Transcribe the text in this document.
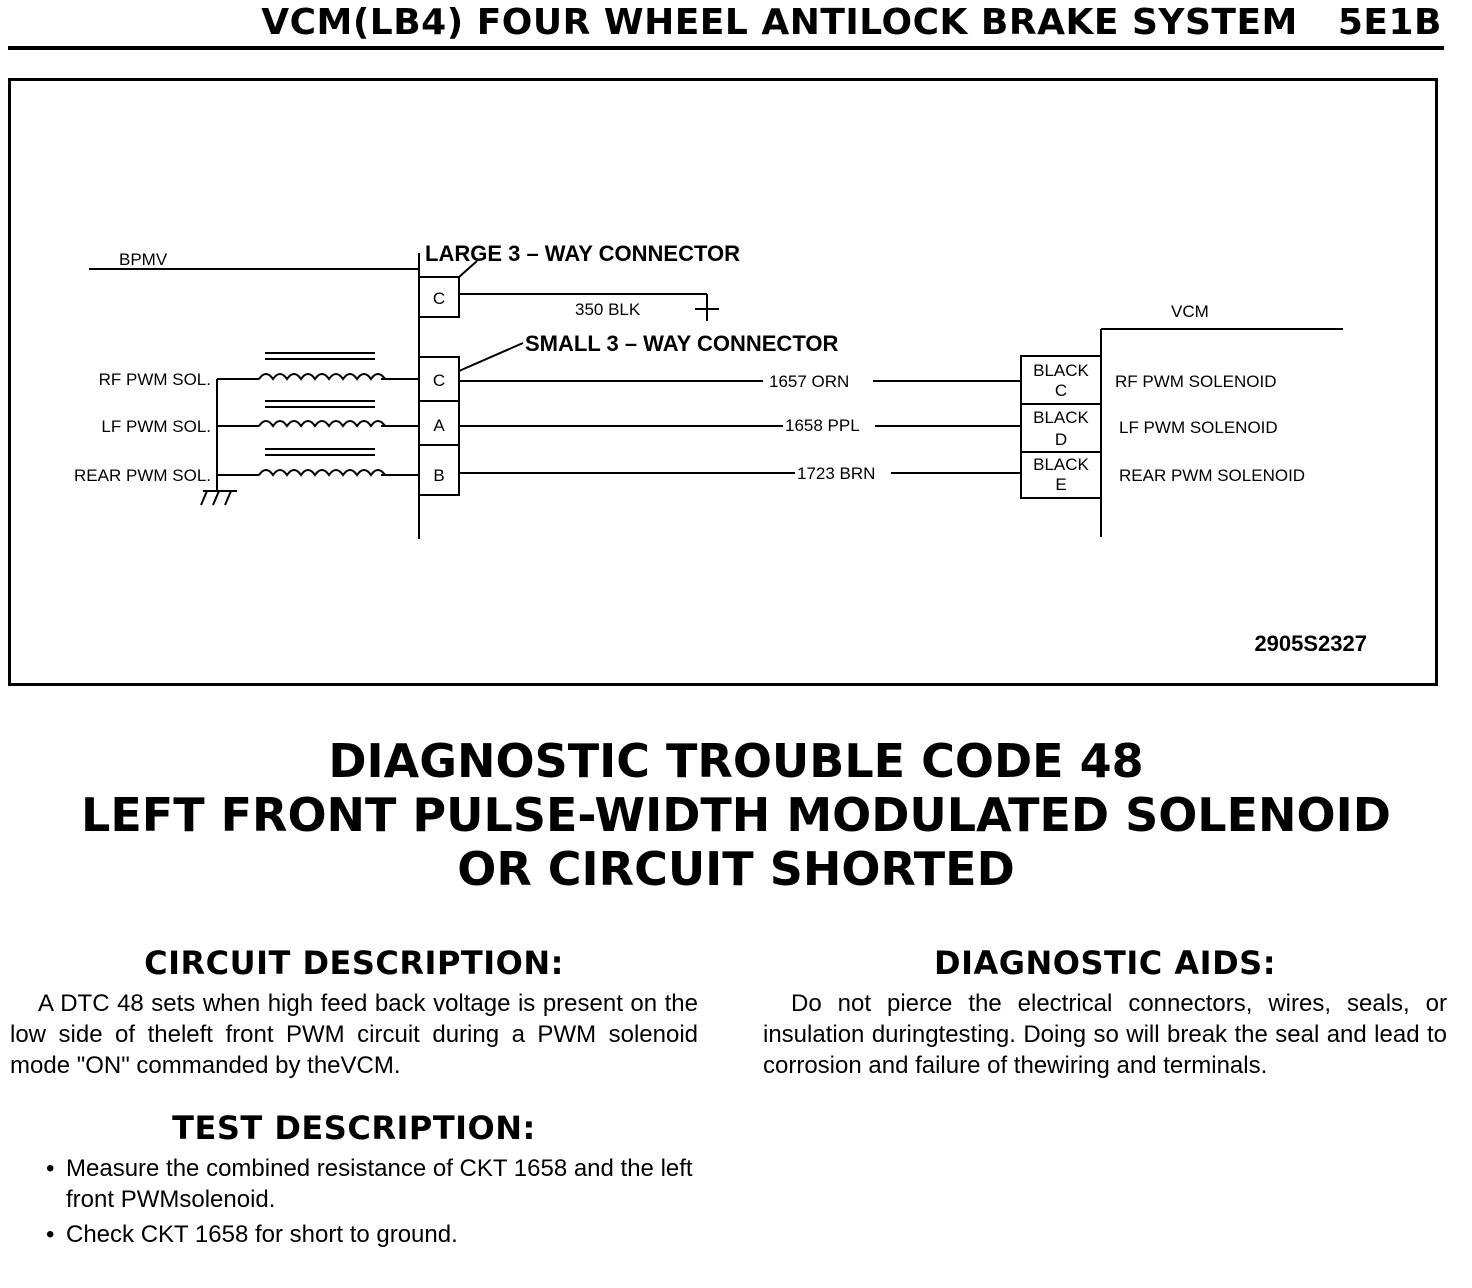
VCM(LB4) FOUR WHEEL ANTILOCK BRAKE SYSTEM 5E1B
BPMV	LARGE 3 – WAY CONNECTOR
350 BLK
SMALL 3 – WAY CONNECTOR
VCM
C
C
A
B
RF PWM SOL.
LF PWM SOL.
REAR PWM SOL.
1657 ORN
1658 PPL
1723 BRN
BLACK
C
BLACK
D
BLACK
E
RF PWM SOLENOID
LF PWM SOLENOID
REAR PWM SOLENOID
2905S2327
DIAGNOSTIC TROUBLE CODE 48
LEFT FRONT PULSE-WIDTH MODULATED SOLENOID
OR CIRCUIT SHORTED
CIRCUIT DESCRIPTION:

A DTC 48 sets when high feed back voltage is present on the low side of theleft front PWM circuit during a PWM solenoid mode "ON" commanded by theVCM.

TEST DESCRIPTION:
• Measure the combined resistance of CKT 1658 and the left front PWMsolenoid.
• Check CKT 1658 for short to ground.
DIAGNOSTIC AIDS:

Do not pierce the electrical connectors, wires, seals, or insulation duringtesting. Doing so will break the seal and lead to corrosion and failure of thewiring and terminals.
